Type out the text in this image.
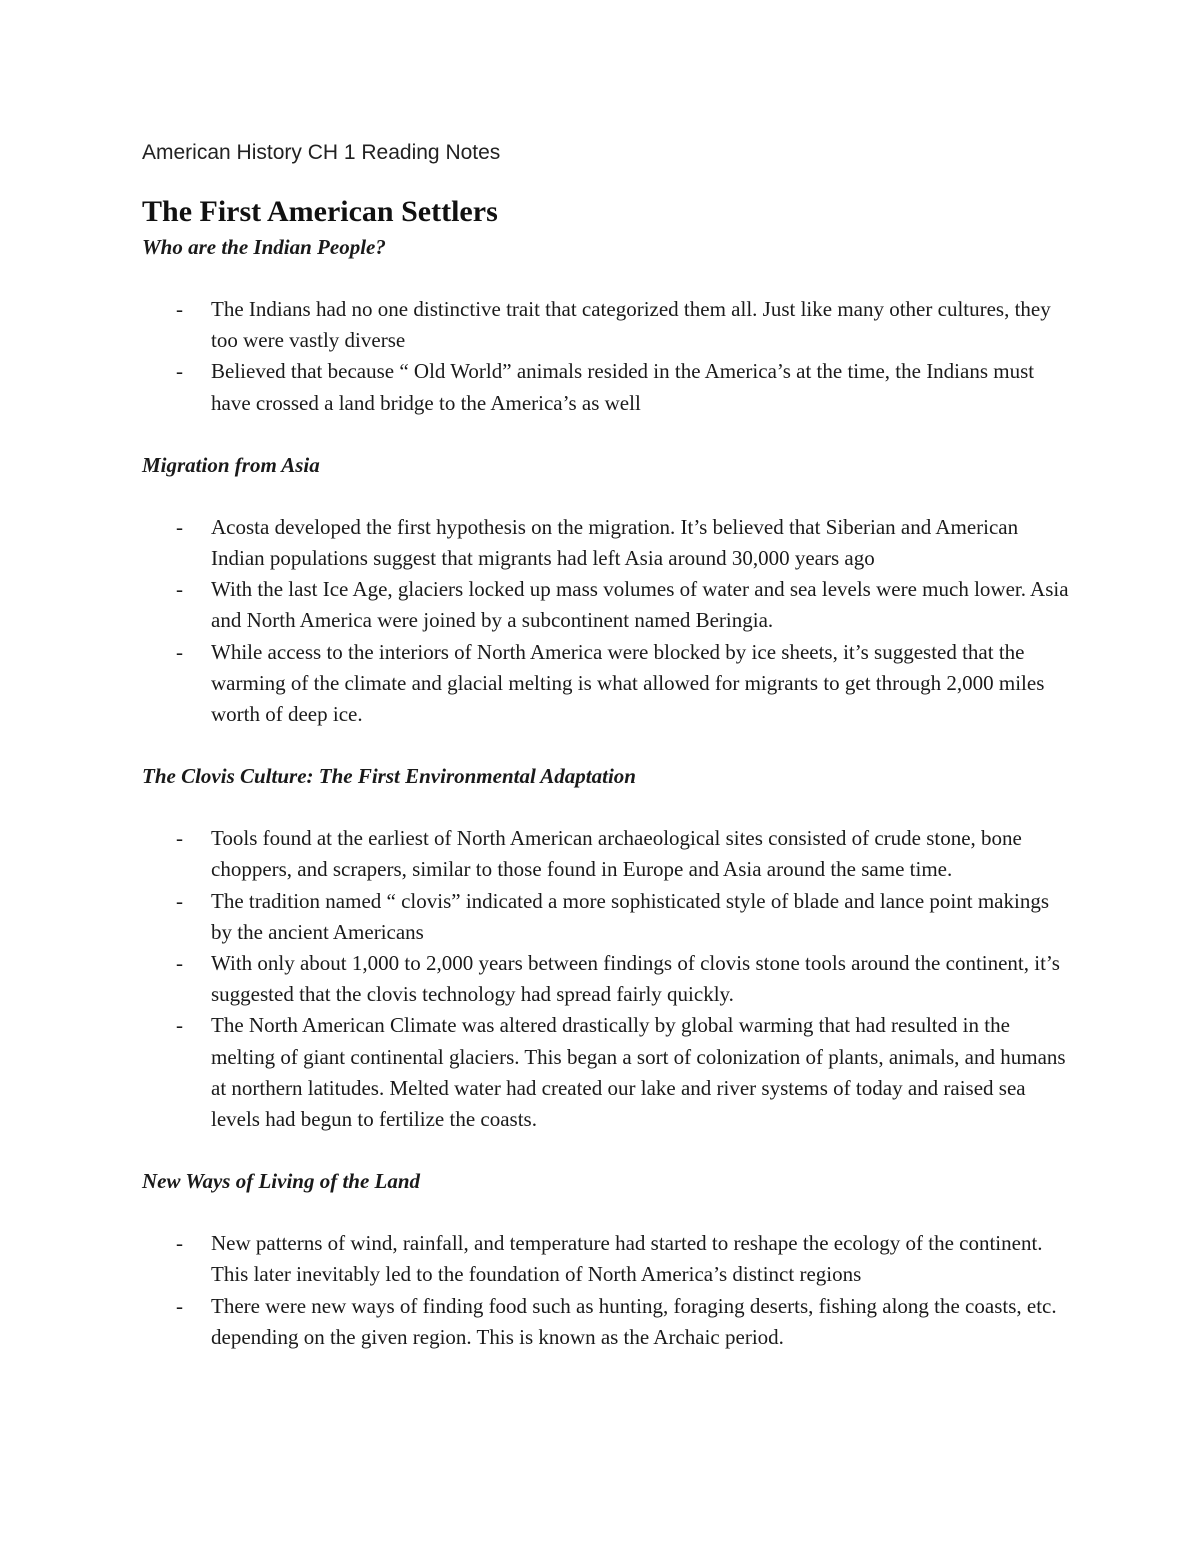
American History CH 1 Reading Notes

The First American Settlers
Who are the Indian People?
- The Indians had no one distinctive trait that categorized them all. Just like many other cultures, they too were vastly diverse
- Believed that because “ Old World” animals resided in the America’s at the time, the Indians must have crossed a land bridge to the America’s as well
Migration from Asia
- Acosta developed the first hypothesis on the migration. It’s believed that Siberian and American Indian populations suggest that migrants had left Asia around 30,000 years ago
- With the last Ice Age, glaciers locked up mass volumes of water and sea levels were much lower. Asia and North America were joined by a subcontinent named Beringia.
- While access to the interiors of North America were blocked by ice sheets, it’s suggested that the warming of the climate and glacial melting is what allowed for migrants to get through 2,000 miles worth of deep ice.
The Clovis Culture: The First Environmental Adaptation
- Tools found at the earliest of North American archaeological sites consisted of crude stone, bone choppers, and scrapers, similar to those found in Europe and Asia around the same time.
- The tradition named “ clovis” indicated a more sophisticated style of blade and lance point makings by the ancient Americans
- With only about 1,000 to 2,000 years between findings of clovis stone tools around the continent, it’s suggested that the clovis technology had spread fairly quickly.
- The North American Climate was altered drastically by global warming that had resulted in the melting of giant continental glaciers. This began a sort of colonization of plants, animals, and humans at northern latitudes. Melted water had created our lake and river systems of today and raised sea levels had begun to fertilize the coasts.
New Ways of Living of the Land
- New patterns of wind, rainfall, and temperature had started to reshape the ecology of the continent. This later inevitably led to the foundation of North America’s distinct regions
- There were new ways of finding food such as hunting, foraging deserts, fishing along the coasts, etc. depending on the given region. This is known as the Archaic period.
